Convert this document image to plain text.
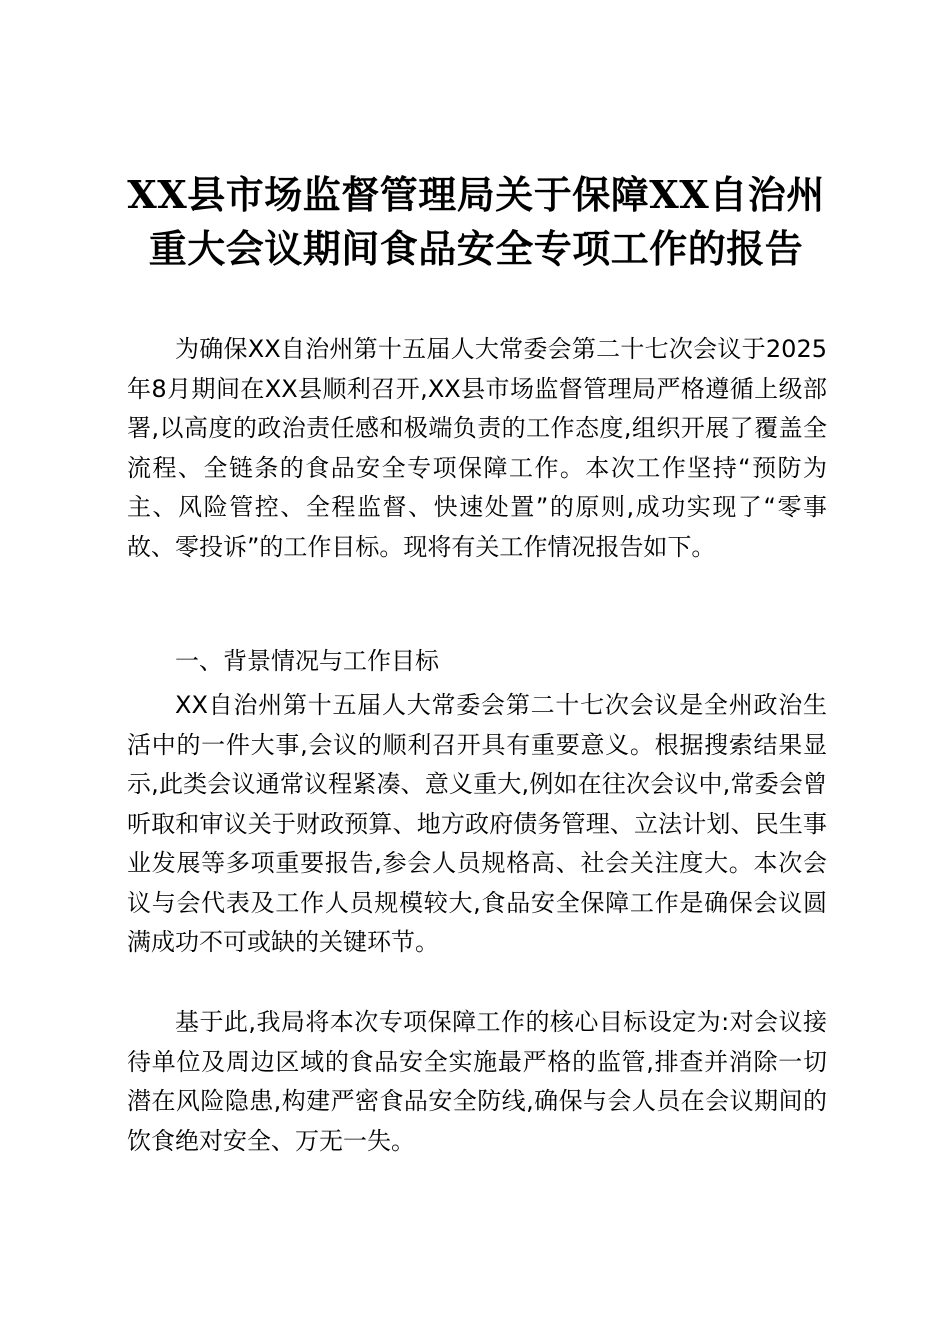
XX县市场监督管理局关于保障XX自治州重大会议期间食品安全专项工作的报告

为确保XX自治州第十五届人大常委会第二十七次会议于2025年8月期间在XX县顺利召开,XX县市场监督管理局严格遵循上级部署,以高度的政治责任感和极端负责的工作态度,组织开展了覆盖全流程、全链条的食品安全专项保障工作。本次工作坚持“预防为主、风险管控、全程监督、快速处置”的原则,成功实现了“零事故、零投诉”的工作目标。现将有关工作情况报告如下。

一、背景情况与工作目标

XX自治州第十五届人大常委会第二十七次会议是全州政治生活中的一件大事,会议的顺利召开具有重要意义。根据搜索结果显示,此类会议通常议程紧凑、意义重大,例如在往次会议中,常委会曾听取和审议关于财政预算、地方政府债务管理、立法计划、民生事业发展等多项重要报告,参会人员规格高、社会关注度大。本次会议与会代表及工作人员规模较大,食品安全保障工作是确保会议圆满成功不可或缺的关键环节。

基于此,我局将本次专项保障工作的核心目标设定为:对会议接待单位及周边区域的食品安全实施最严格的监管,排查并消除一切潜在风险隐患,构建严密食品安全防线,确保与会人员在会议期间的饮食绝对安全、万无一失。
